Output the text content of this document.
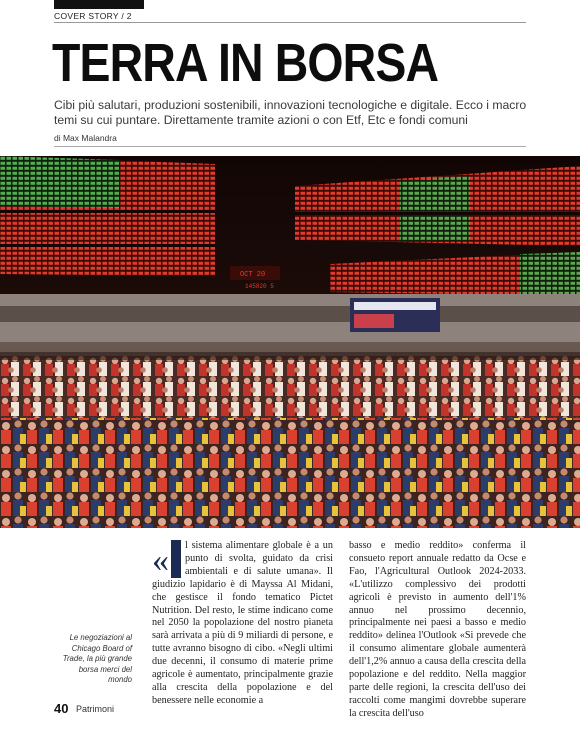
COVER STORY / 2
TERRA IN BORSA
Cibi più salutari, produzioni sostenibili, innovazioni tecnologiche e digitale. Ecco i macro temi su cui puntare. Direttamente tramite azioni o con Etf, Etc e fondi comuni
di Max Malandra
OCT 20
145820 5
Le negoziazioni al Chicago Board of Trade, la più grande borsa merci del mondo
«	l sistema alimentare globale è a un punto di svolta, guidato da crisi ambientali e di salute umana». Il giudizio lapidario è di Mayssa Al Midani, che gestisce il fondo tematico Pictet Nutrition. Del resto, le stime indicano come nel 2050 la popolazione del nostro pianeta sarà arrivata a più di 9 miliardi di persone, e tutte avranno bisogno di cibo. «Negli ultimi due decenni, il consumo di materie prime agricole è aumentato, principalmente grazie alla crescita della popolazione e del benessere nelle economie a

basso e medio reddito» conferma il consueto report annuale redatto da Ocse e Fao, l'Agricultural Outlook 2024-2033. «L'utilizzo complessivo dei prodotti agricoli è previsto in aumento dell'1% annuo nel prossimo decennio, principalmente nei paesi a basso e medio reddito» delinea l'Outlook «Si prevede che il consumo alimentare globale aumenterà dell'1,2% annuo a causa della crescita della popolazione e del reddito. Nella maggior parte delle regioni, la crescita dell'uso dei raccolti come mangimi dovrebbe superare la crescita dell'uso

40 Patrimoni
